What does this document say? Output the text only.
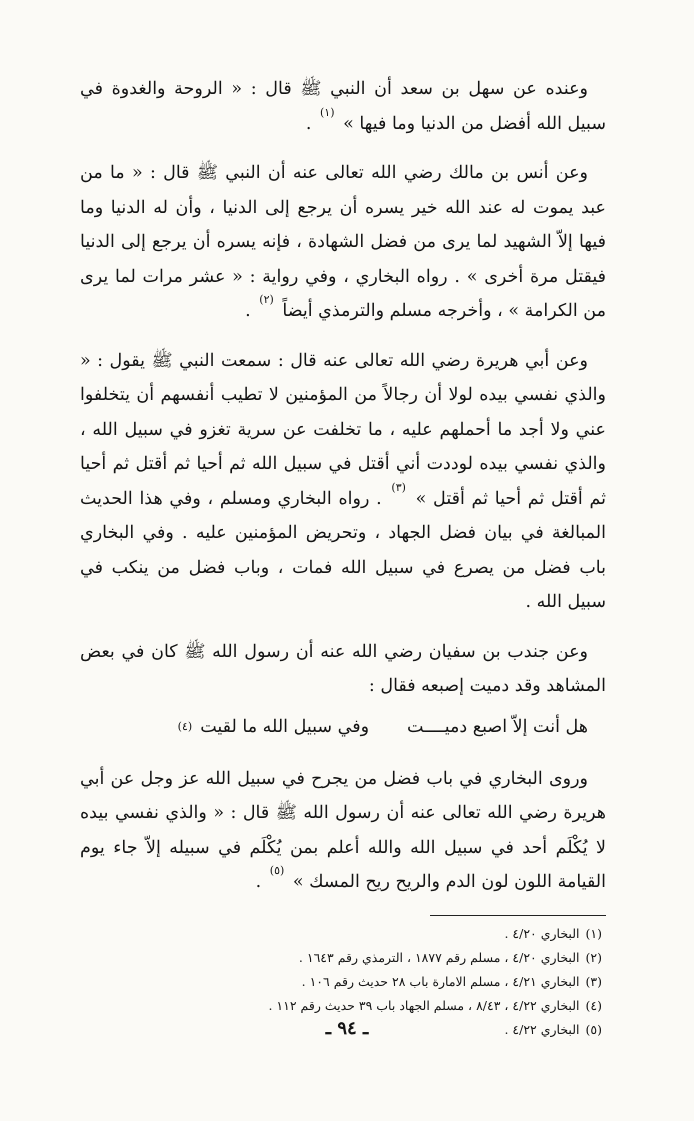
وعنده عن سهل بن سعد أن النبي ﷺ قال : « الروحة والغدوة في سبيل الله أفضل من الدنيا وما فيها » $^{(١)}$ .

وعن أنس بن مالك رضي الله تعالى عنه أن النبي ﷺ قال : « ما من عبد يموت له عند الله خير يسره أن يرجع إلى الدنيا ، وأن له الدنيا وما فيها إلاّ الشهيد لما يرى من فضل الشهادة ، فإنه يسره أن يرجع إلى الدنيا فيقتل مرة أخرى » . رواه البخاري ، وفي رواية : « عشر مرات لما يرى من الكرامة » ، وأخرجه مسلم والترمذي أيضاً $^{(٢)}$ .

وعن أبي هريرة رضي الله تعالى عنه قال : سمعت النبي ﷺ يقول : « والذي نفسي بيده لولا أن رجالاً من المؤمنين لا تطيب أنفسهم أن يتخلفوا عني ولا أجد ما أحملهم عليه ، ما تخلفت عن سرية تغزو في سبيل الله ، والذي نفسي بيده لوددت أني أقتل في سبيل الله ثم أحيا ثم أقتل ثم أحيا ثم أقتل ثم أحيا ثم أقتل » $^{(٣)}$ . رواه البخاري ومسلم ، وفي هذا الحديث المبالغة في بيان فضل الجهاد ، وتحريض المؤمنين عليه . وفي البخاري باب فضل من يصرع في سبيل الله فمات ، وباب فضل من ينكب في سبيل الله .

وعن جندب بن سفيان رضي الله عنه أن رسول الله ﷺ كان في بعض المشاهد وقد دميت إصبعه فقال :

هل أنت إلاّ اصبع دميــــت
وفي سبيل الله ما لقيت$^{(٤)}$

وروى البخاري في باب فضل من يجرح في سبيل الله عز وجل عن أبي هريرة رضي الله تعالى عنه أن رسول الله ﷺ قال : « والذي نفسي بيده لا يُكْلَم أحد في سبيل الله والله أعلم بمن يُكْلَم في سبيله إلاّ جاء يوم القيامة اللون لون الدم والريح ريح المسك » $^{(٥)}$ .

(١)البخاري ٤/٢٠ .

(٢)البخاري ٤/٢٠ ، مسلم رقم ١٨٧٧ ، الترمذي رقم ١٦٤٣ .

(٣)البخاري ٤/٢١ ، مسلم الامارة باب ٢٨ حديث رقم ١٠٦ .

(٤)البخاري ٤/٢٢ ، ٨/٤٣ ، مسلم الجهاد باب ٣٩ حديث رقم ١١٢ .

(٥)البخاري ٤/٢٢ .

ـ ٩٤ ـ
